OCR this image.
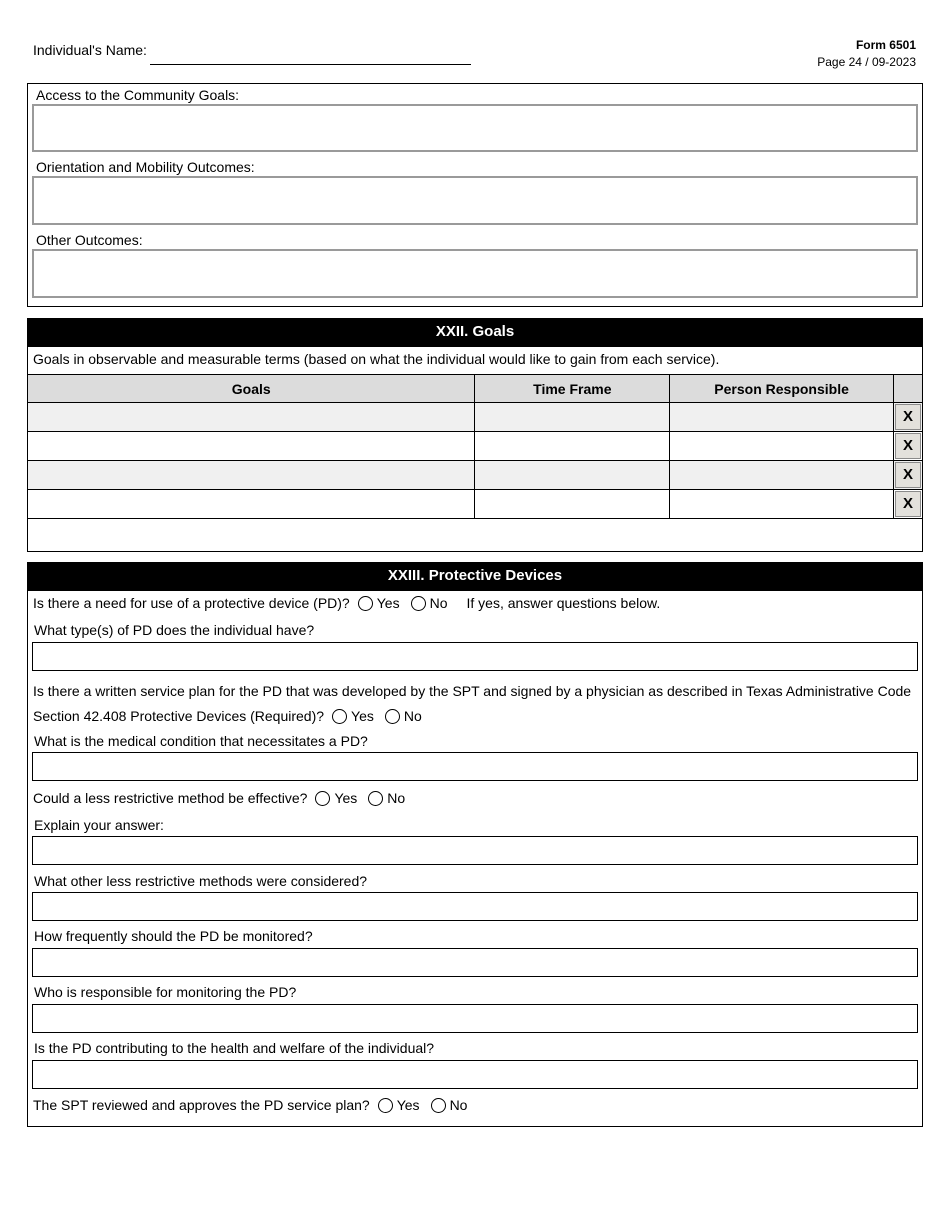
Individual's Name:	Form 6501
Page 24 / 09-2023
Access to the Community Goals:
Orientation and Mobility Outcomes:
Other Outcomes:
XXII. Goals
Goals in observable and measurable terms (based on what the individual would like to gain from each service).
Goals	Time Frame	Person Responsible	

			X

			X

			X

			X
XXIII. Protective Devices
Is there a need for use of a protective device (PD)? Yes No If yes, answer questions below.
What type(s) of PD does the individual have?
Is there a written service plan for the PD that was developed by the SPT and signed by a physician as described in Texas Administrative Code
Section 42.408 Protective Devices (Required)? Yes No
What is the medical condition that necessitates a PD?
Could a less restrictive method be effective? Yes No
Explain your answer:
What other less restrictive methods were considered?
How frequently should the PD be monitored?
Who is responsible for monitoring the PD?
Is the PD contributing to the health and welfare of the individual?
The SPT reviewed and approves the PD service plan? Yes No
